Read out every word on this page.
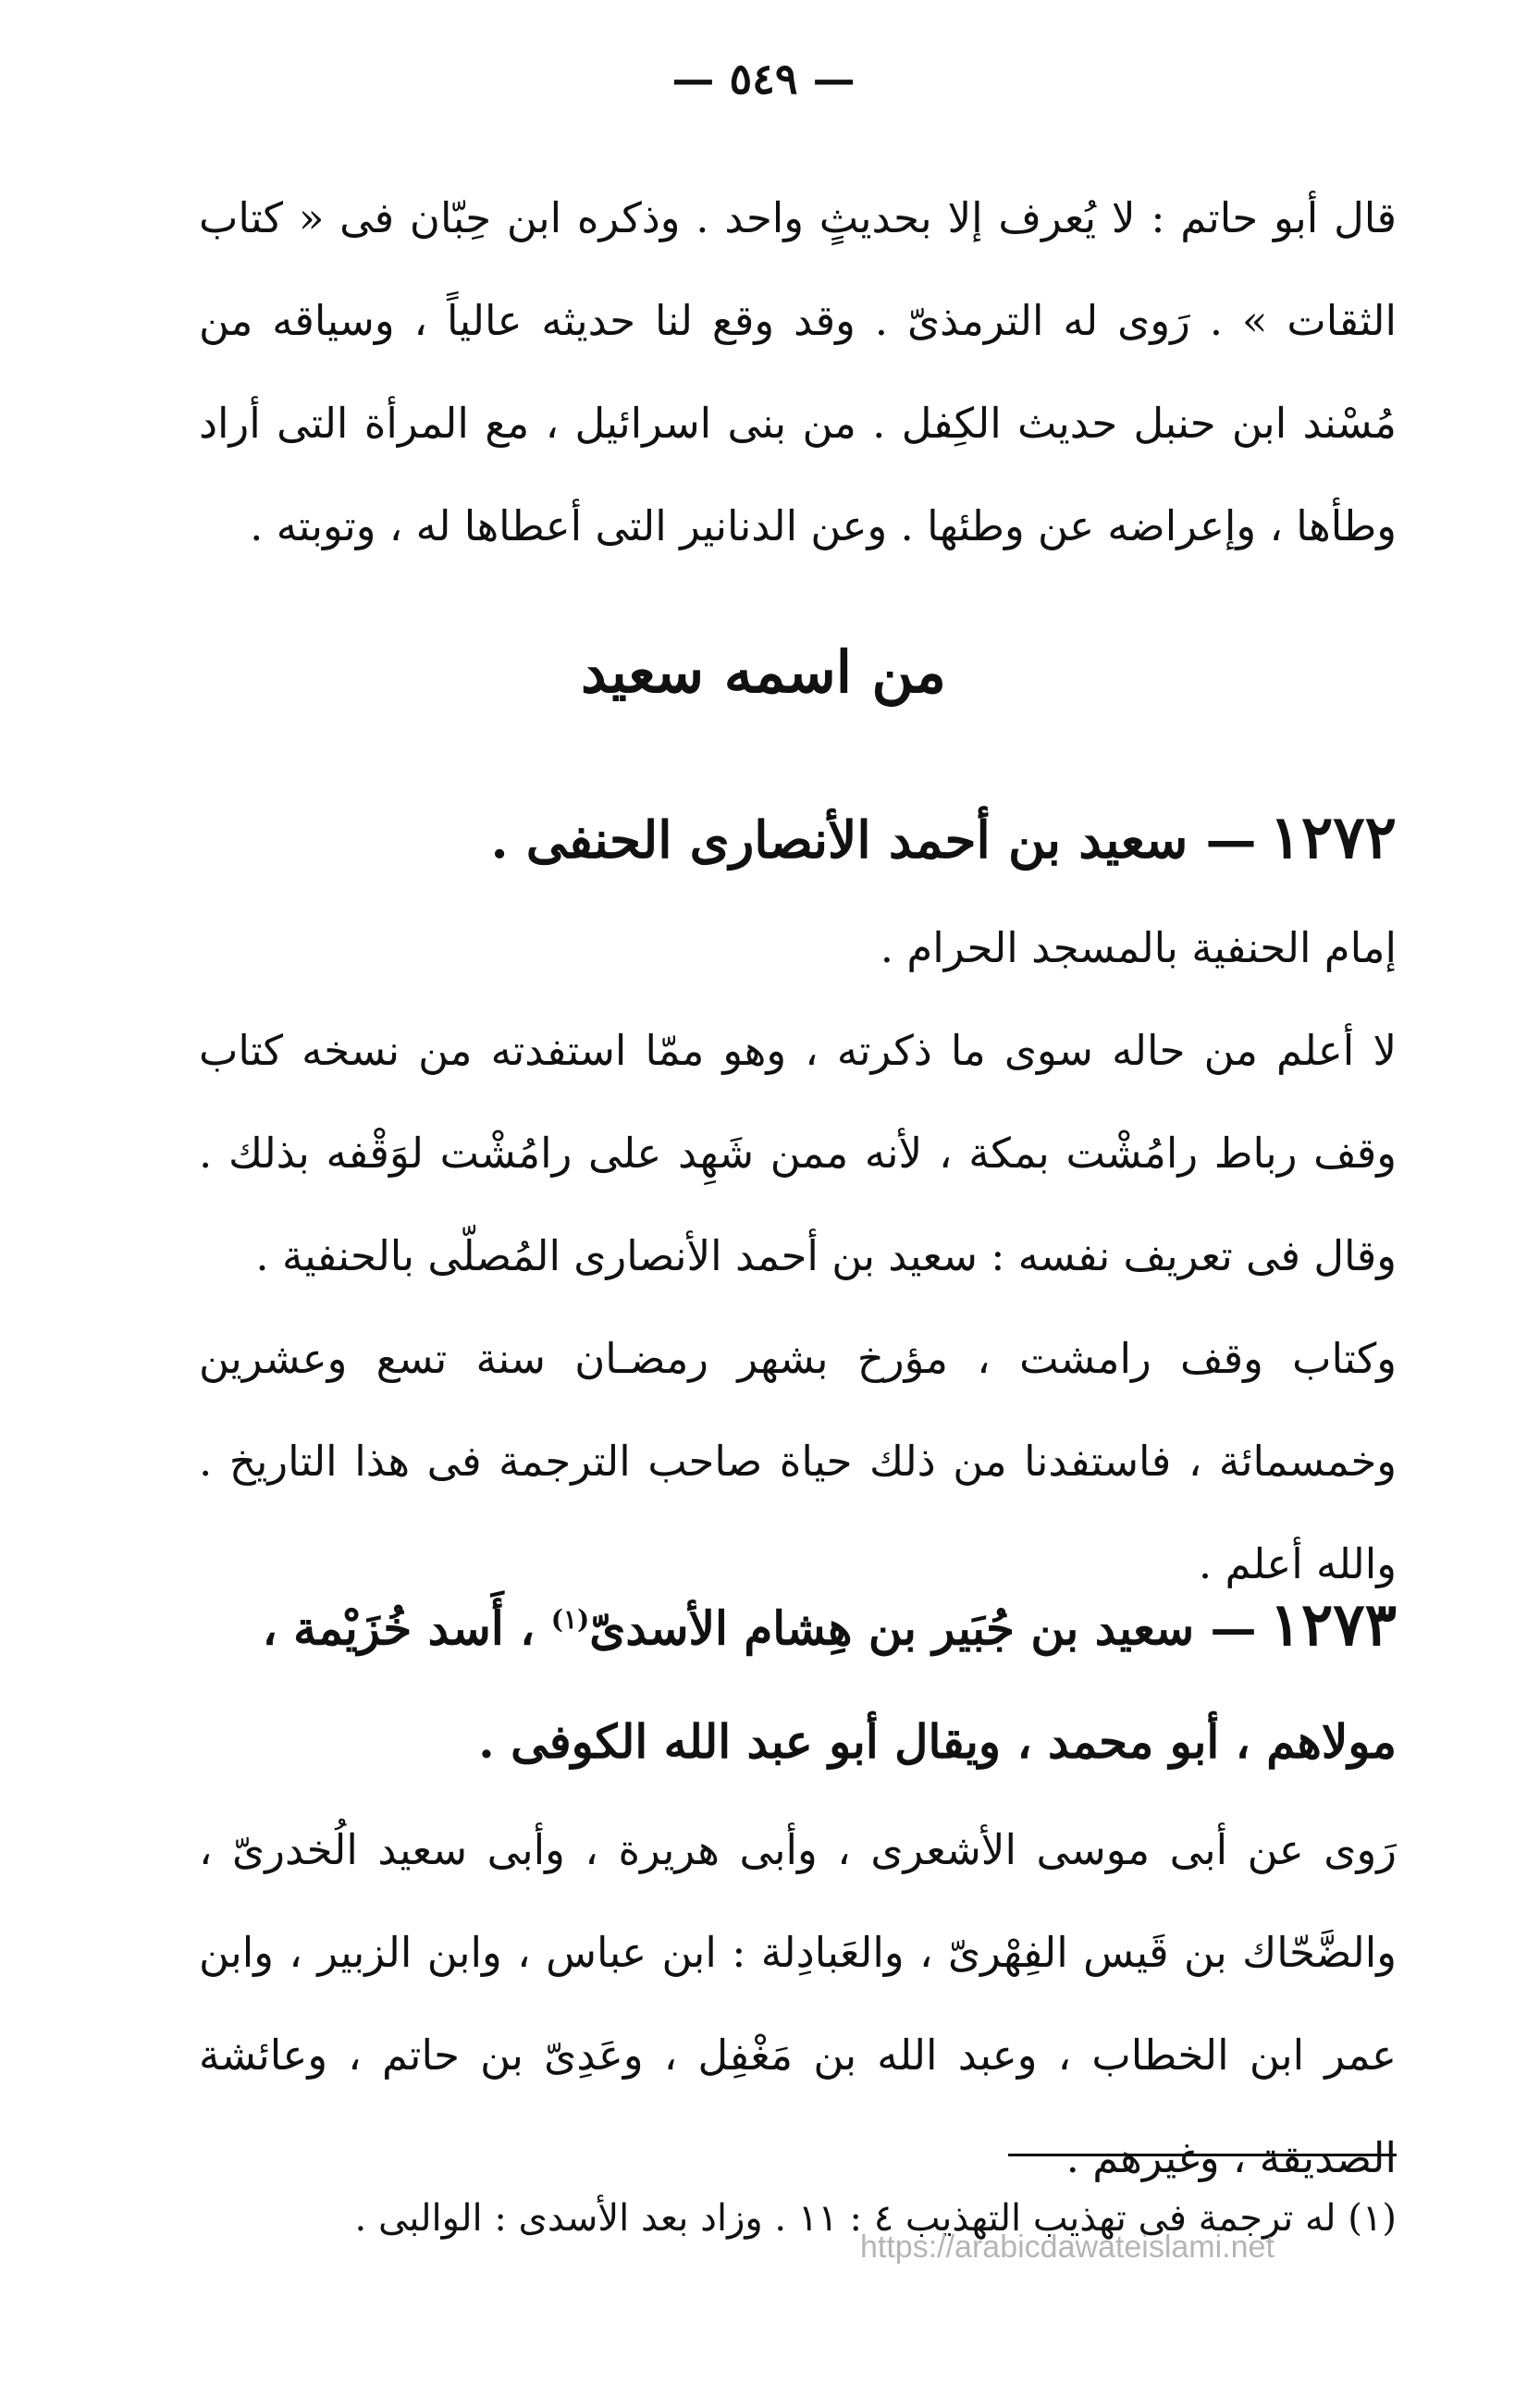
— ٥٤٩ —

قال أبو حاتم : لا يُعرف إلا بحديثٍ واحد . وذكره ابن حِبّان فى « كتاب الثقات » . رَوى له الترمذىّ . وقد وقع لنا حديثه عالياً ، وسياقه من مُسْند ابن حنبل حديث الكِفل . من بنى اسرائيل ، مع المرأة التى أراد وطأها ، وإعراضه عن وطئها . وعن الدنانير التى أعطاها له ، وتوبته .

من اسمه سعيد

١٢٧٢— سعيد بن أحمد الأنصارى الحنفى .

إمام الحنفية بالمسجد الحرام .

لا أعلم من حاله سوى ما ذكرته ، وهو ممّا استفدته من نسخه كتاب وقف رباط رامُشْت بمكة ، لأنه ممن شَهِد على رامُشْت لوَقْفه بذلك . وقال فى تعريف نفسه : سعيد بن أحمد الأنصارى المُصلّى بالحنفية .

وكتاب وقف رامشت ، مؤرخ بشهر رمضـان سنة تسع وعشرين وخمسمائة ، فاستفدنا من ذلك حياة صاحب الترجمة فى هذا التاريخ . والله أعلم .

١٢٧٣— سعيد بن جُبَير بن هِشام الأسدىّ$^{(١)}$ ، أَسد خُزَيْمة ، مولاهم ، أبو محمد ، ويقال أبو عبد الله الكوفى .

رَوى عن أبى موسى الأشعرى ، وأبى هريرة ، وأبى سعيد الُخدرىّ ، والضَّحّاك بن قَيس الفِهْرىّ ، والعَبادِلة : ابن عباس ، وابن الزبير ، وابن عمر ابن الخطاب ، وعبد الله بن مَغْفِل ، وعَدِىّ بن حاتم ، وعائشة الصديقة ، وغيرهم .

(١) له ترجمة فى تهذيب التهذيب ٤ : ١١ . وزاد بعد الأسدى : الوالبى .
https://arabicdawateislami.net
